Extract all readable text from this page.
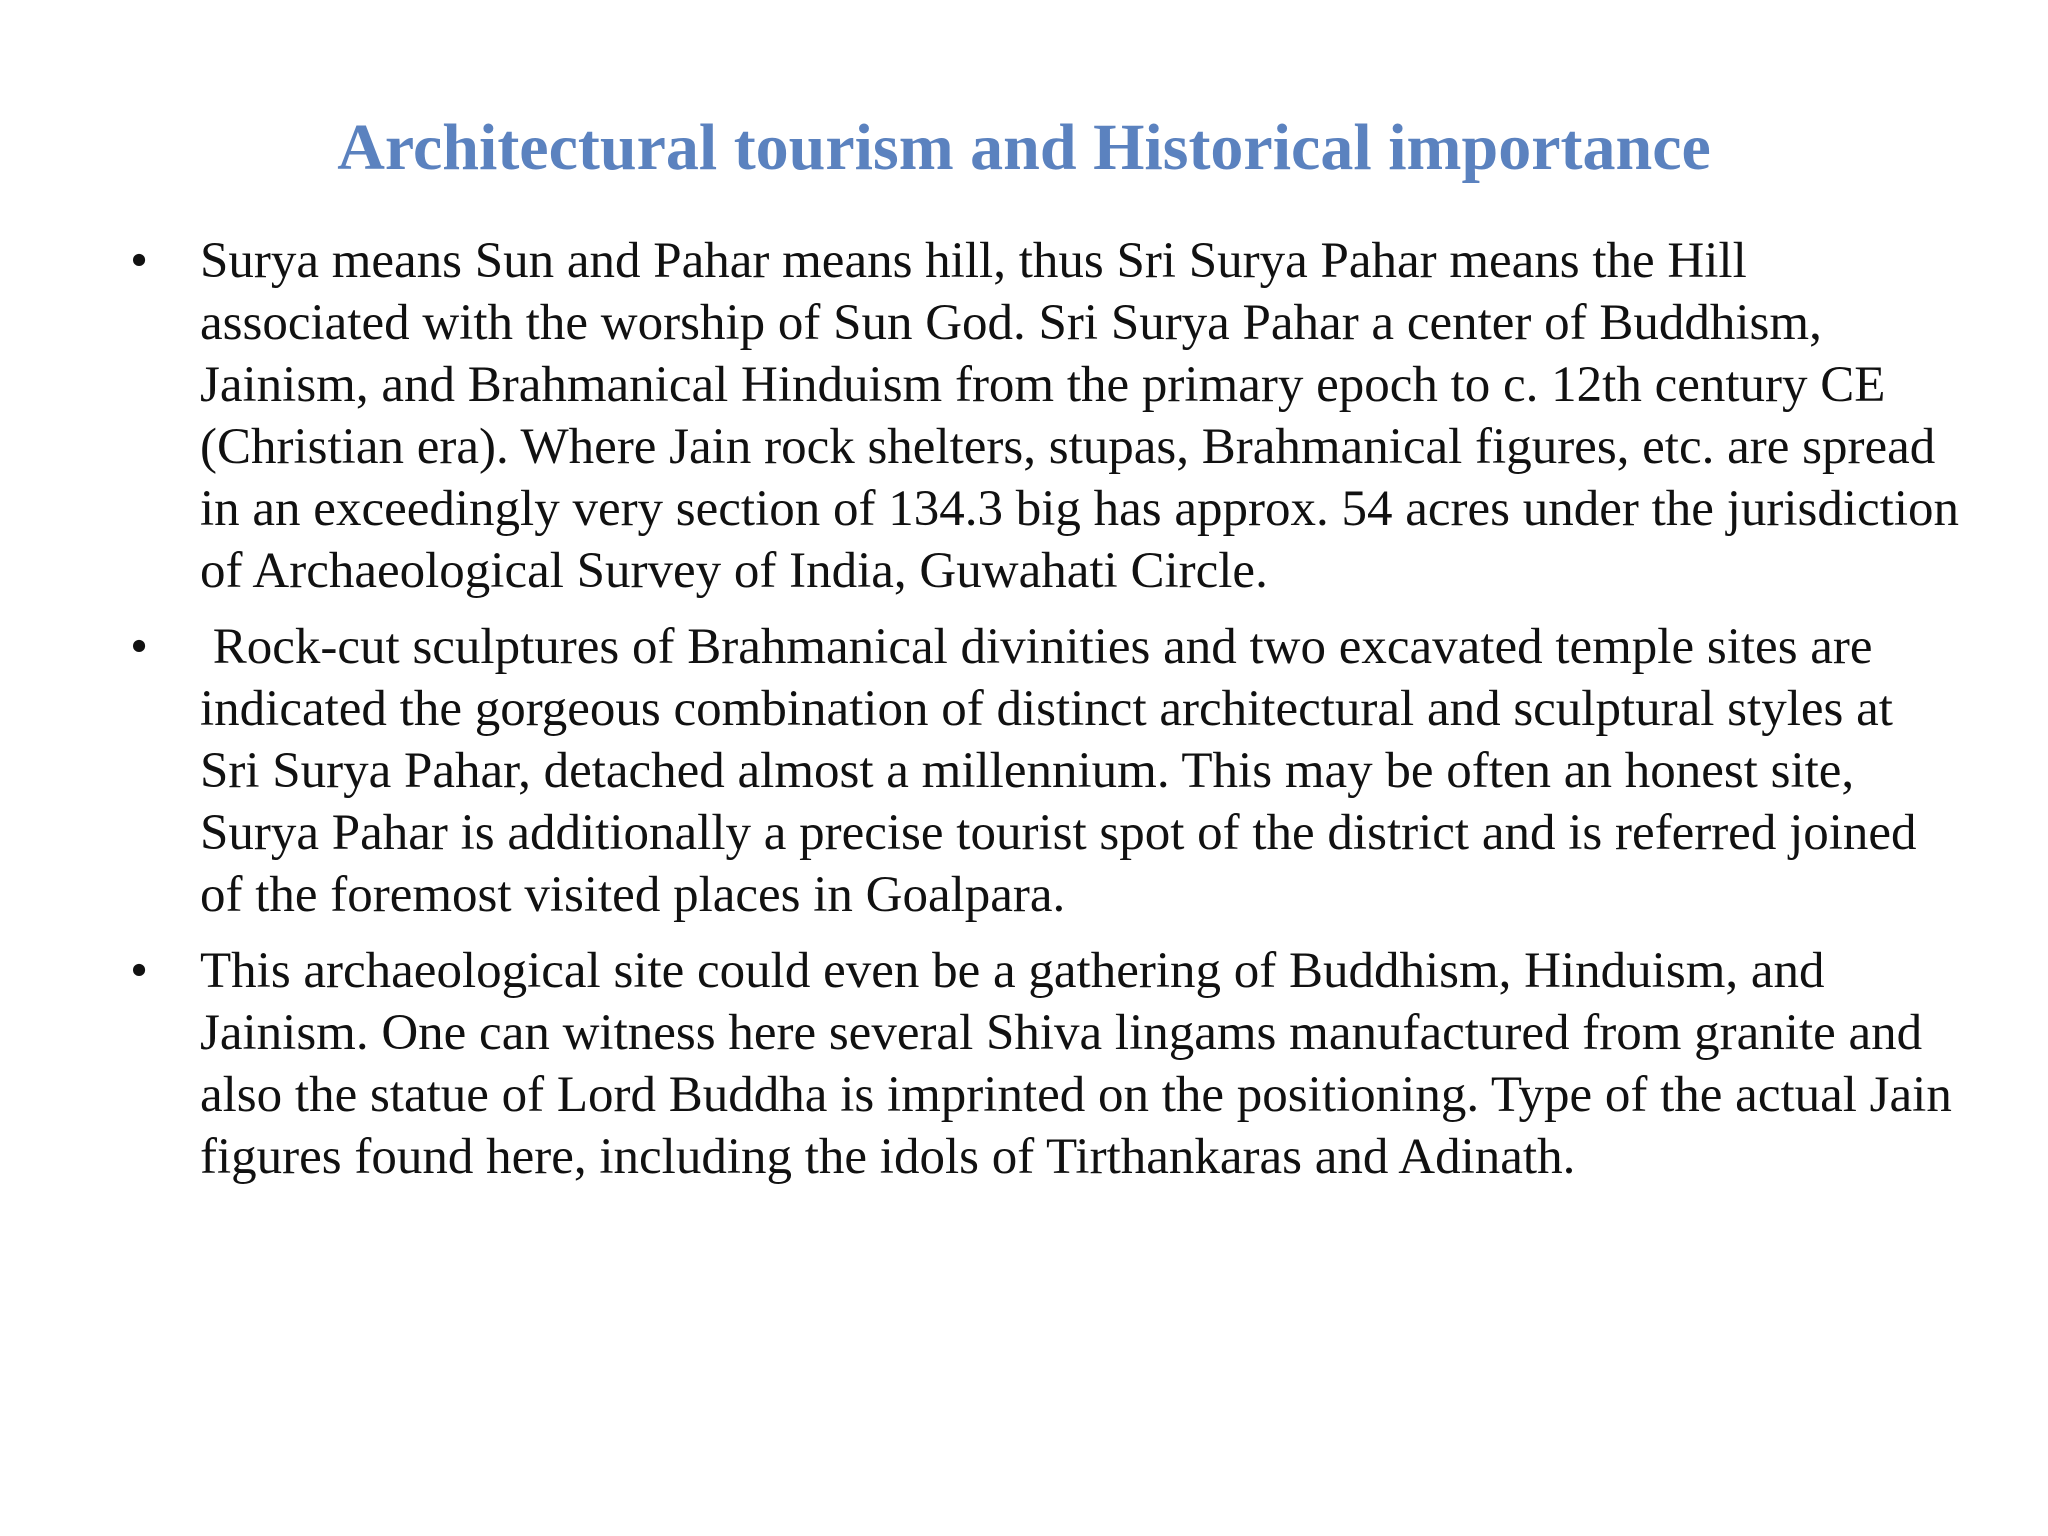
Architectural tourism and Historical importance
• Surya means Sun and Pahar means hill, thus Sri Surya Pahar means the Hill associated with the worship of Sun God. Sri Surya Pahar a center of Buddhism, Jainism, and Brahmanical Hinduism from the primary epoch to c. 12th century CE (Christian era). Where Jain rock shelters, stupas, Brahmanical figures, etc. are spread in an exceedingly very section of 134.3 big has approx. 54 acres under the jurisdiction of Archaeological Survey of India, Guwahati Circle.
• Rock-cut sculptures of Brahmanical divinities and two excavated temple sites are indicated the gorgeous combination of distinct architectural and sculptural styles at Sri Surya Pahar, detached almost a millennium. This may be often an honest site, Surya Pahar is additionally a precise tourist spot of the district and is referred joined of the foremost visited places in Goalpara.
• This archaeological site could even be a gathering of Buddhism, Hinduism, and Jainism. One can witness here several Shiva lingams manufactured from granite and also the statue of Lord Buddha is imprinted on the positioning. Type of the actual Jain figures found here, including the idols of Tirthankaras and Adinath.
